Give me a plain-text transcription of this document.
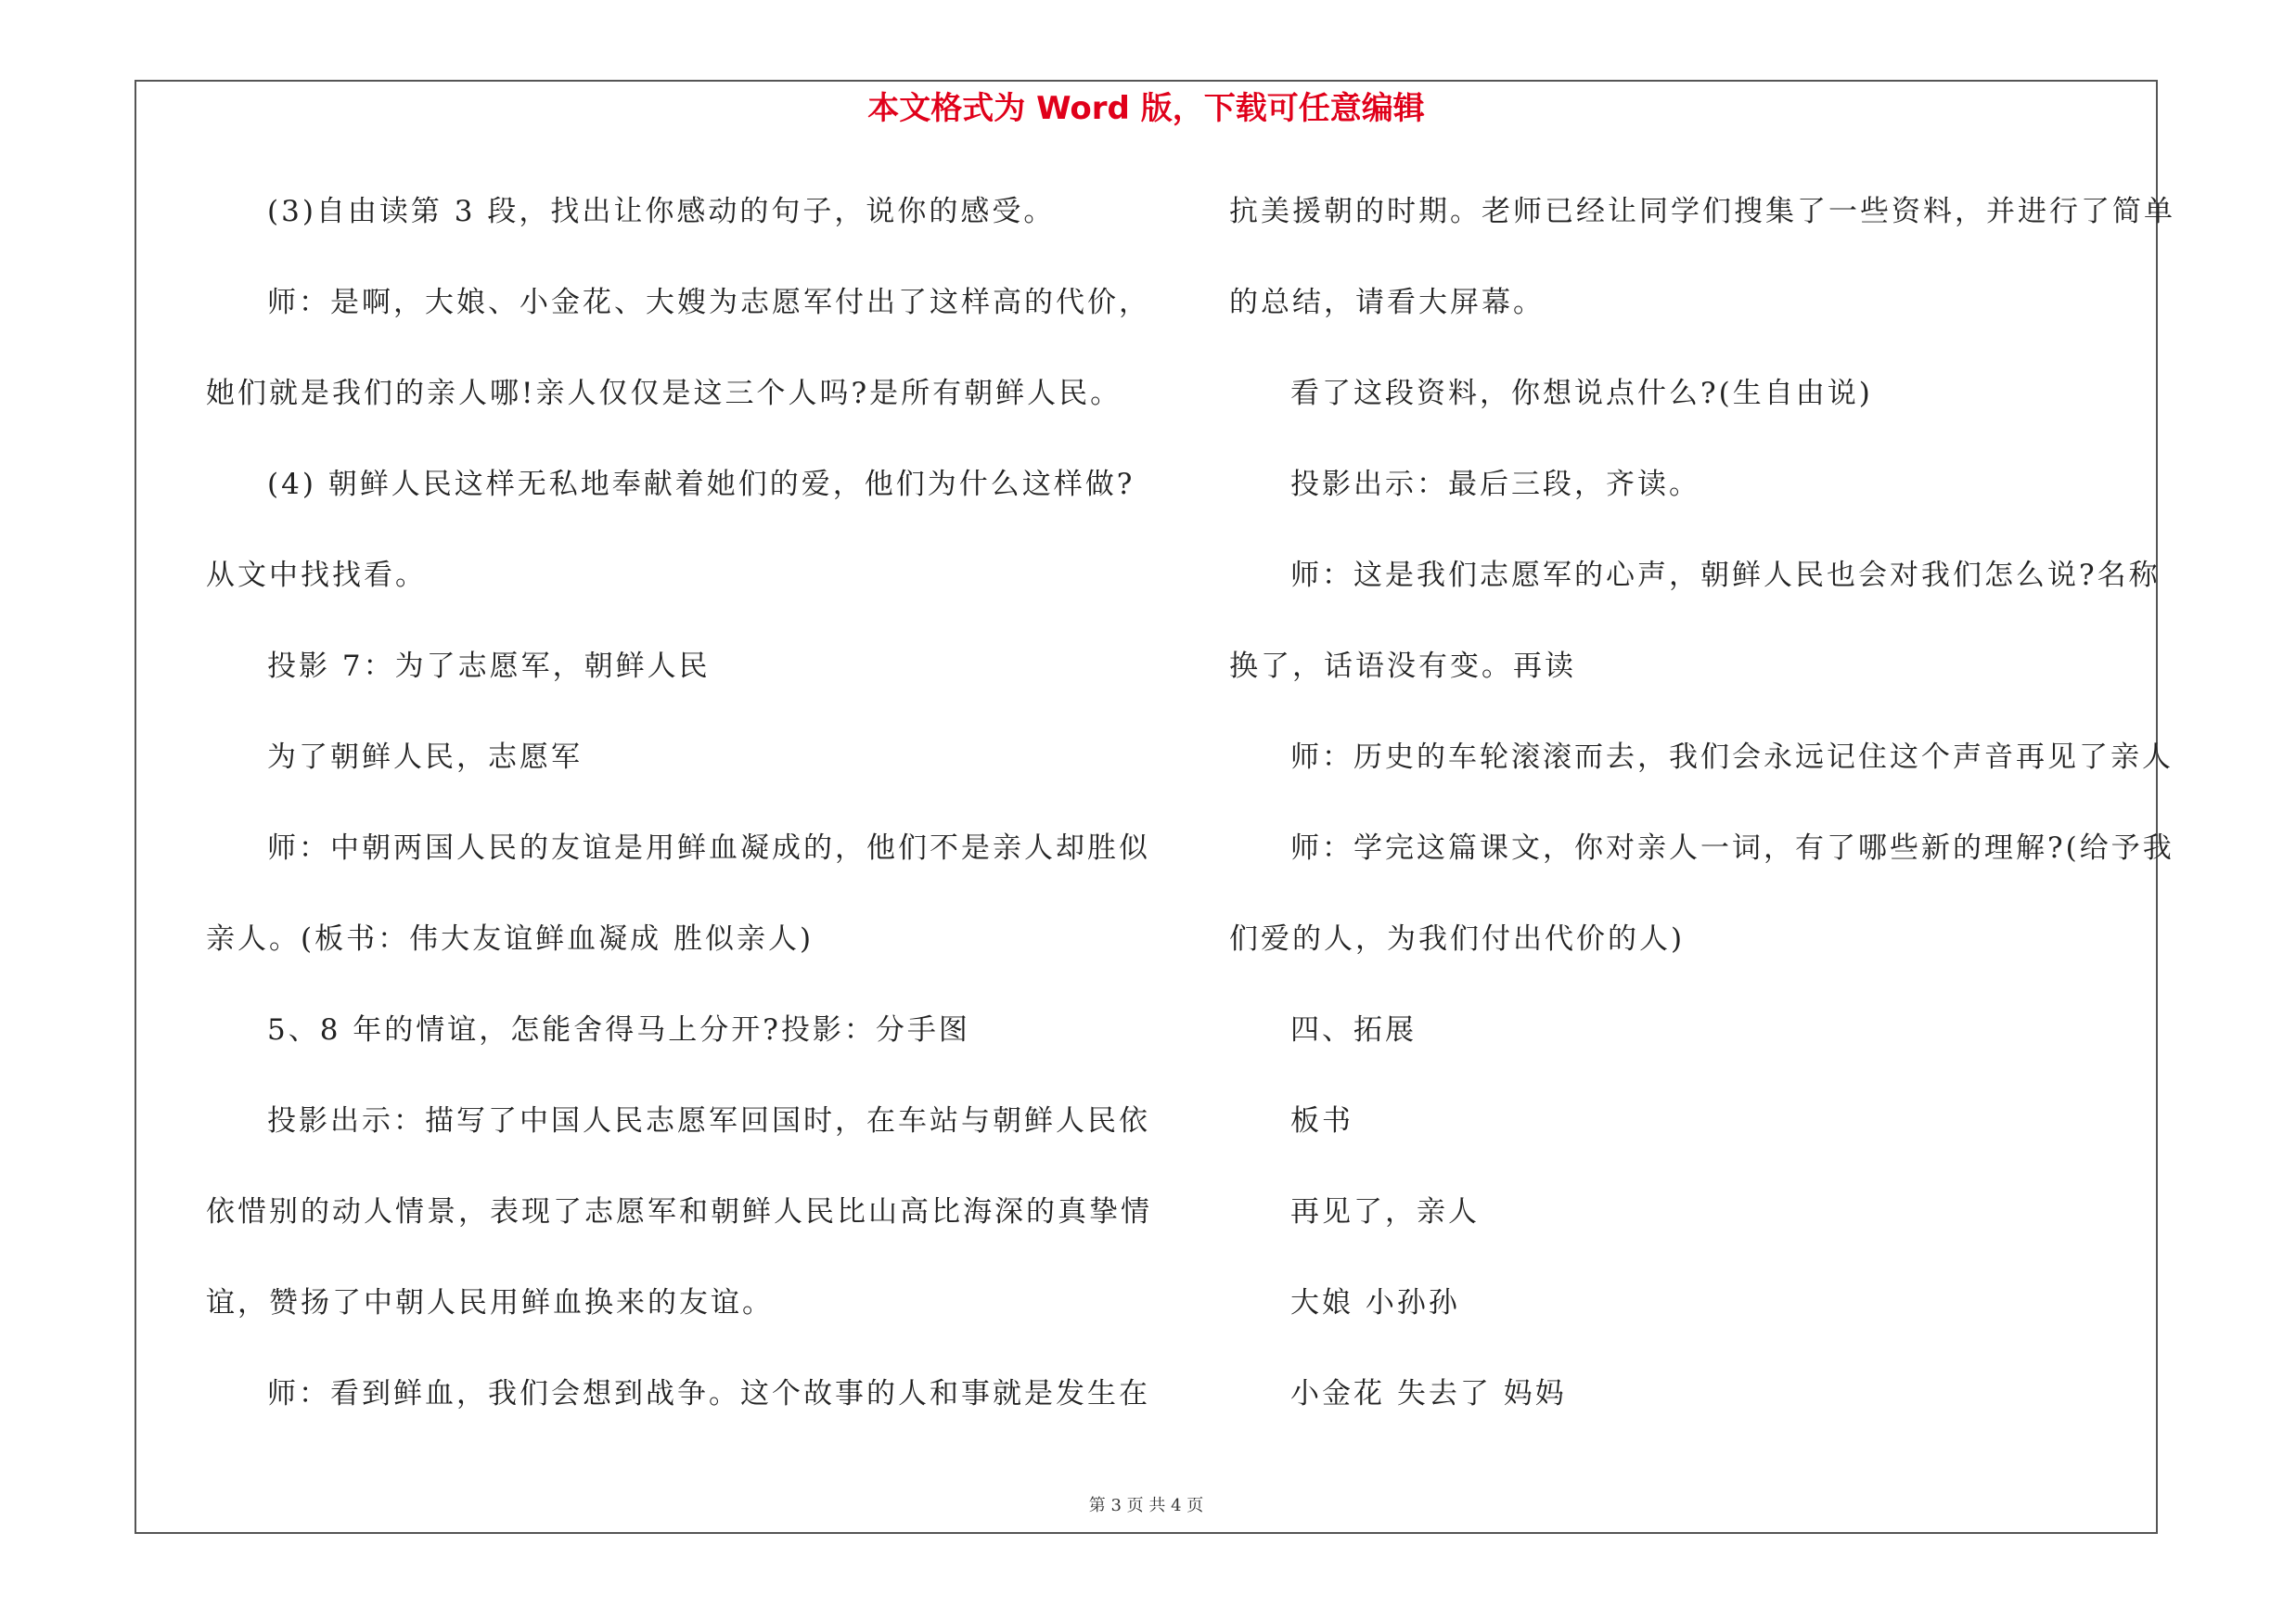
本文格式为 Word 版，下载可任意编辑
(3)自由读第 3 段，找出让你感动的句子，说你的感受。
师：是啊，大娘、小金花、大嫂为志愿军付出了这样高的代价，
她们就是我们的亲人哪!亲人仅仅是这三个人吗?是所有朝鲜人民。
(4) 朝鲜人民这样无私地奉献着她们的爱，他们为什么这样做?
从文中找找看。
投影 7：为了志愿军，朝鲜人民
为了朝鲜人民，志愿军
师：中朝两国人民的友谊是用鲜血凝成的，他们不是亲人却胜似
亲人。(板书：伟大友谊鲜血凝成 胜似亲人)
5、8 年的情谊，怎能舍得马上分开?投影：分手图
投影出示：描写了中国人民志愿军回国时，在车站与朝鲜人民依
依惜别的动人情景，表现了志愿军和朝鲜人民比山高比海深的真挚情
谊，赞扬了中朝人民用鲜血换来的友谊。
师：看到鲜血，我们会想到战争。这个故事的人和事就是发生在
抗美援朝的时期。老师已经让同学们搜集了一些资料，并进行了简单
的总结，请看大屏幕。
看了这段资料，你想说点什么?(生自由说)
投影出示：最后三段，齐读。
师：这是我们志愿军的心声，朝鲜人民也会对我们怎么说?名称
换了，话语没有变。再读
师：历史的车轮滚滚而去，我们会永远记住这个声音再见了亲人
师：学完这篇课文，你对亲人一词，有了哪些新的理解?(给予我
们爱的人，为我们付出代价的人)
四、拓展
板书
再见了，亲人
大娘 小孙孙
小金花 失去了 妈妈
第 3 页 共 4 页
